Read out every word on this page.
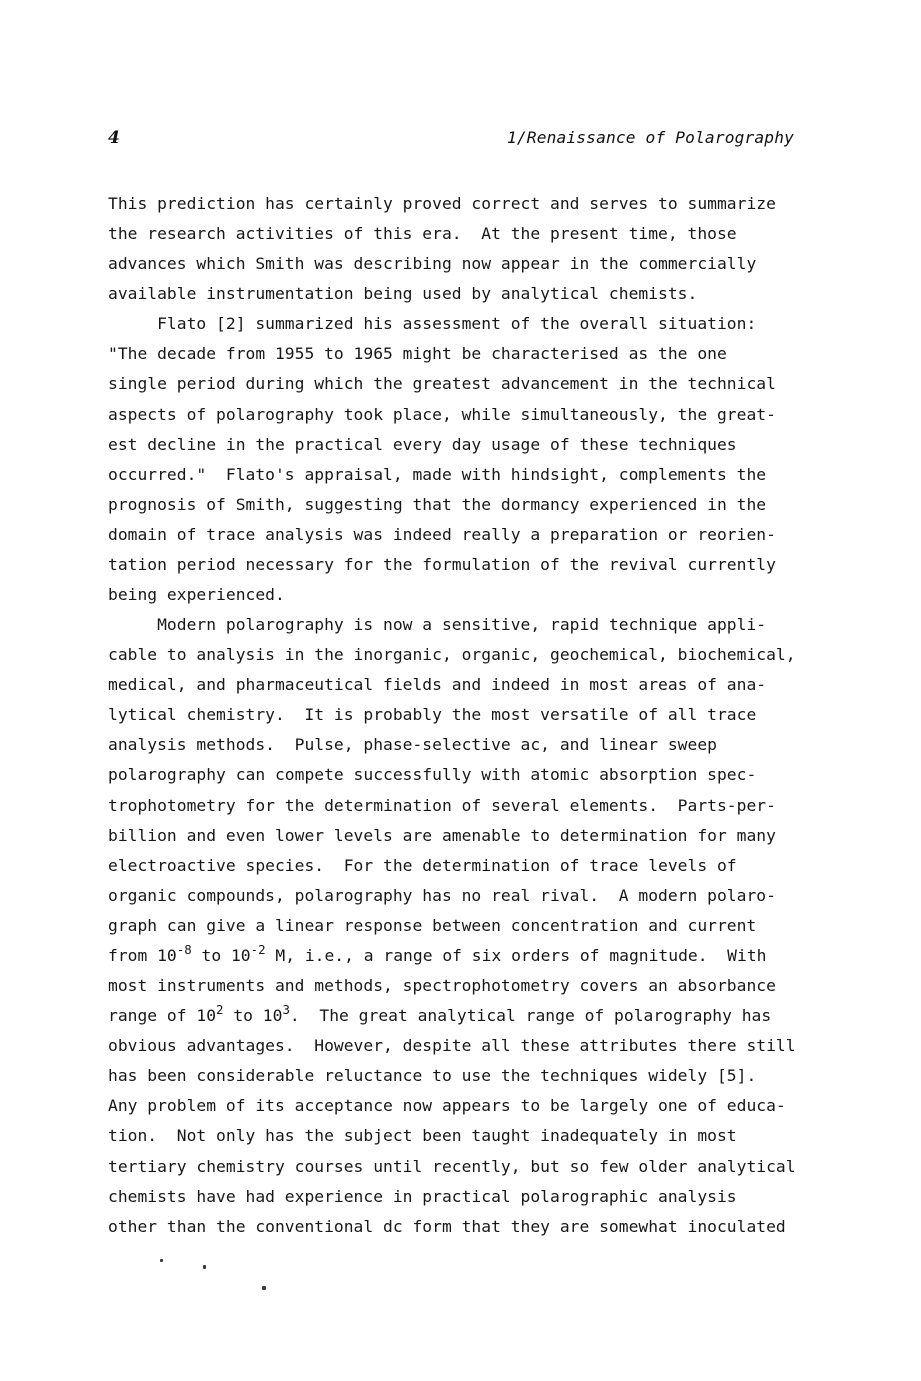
4	1/Renaissance of Polarography
This prediction has certainly proved correct and serves to summarize
the research activities of this era.  At the present time, those
advances which Smith was describing now appear in the commercially
available instrumentation being used by analytical chemists.
Flato [2] summarized his assessment of the overall situation:
"The decade from 1955 to 1965 might be characterised as the one
single period during which the greatest advancement in the technical
aspects of polarography took place, while simultaneously, the great-
est decline in the practical every day usage of these techniques
occurred."  Flato's appraisal, made with hindsight, complements the
prognosis of Smith, suggesting that the dormancy experienced in the
domain of trace analysis was indeed really a preparation or reorien-
tation period necessary for the formulation of the revival currently
being experienced.
Modern polarography is now a sensitive, rapid technique appli-
cable to analysis in the inorganic, organic, geochemical, biochemical,
medical, and pharmaceutical fields and indeed in most areas of ana-
lytical chemistry.  It is probably the most versatile of all trace
analysis methods.  Pulse, phase-selective ac, and linear sweep
polarography can compete successfully with atomic absorption spec-
trophotometry for the determination of several elements.  Parts-per-
billion and even lower levels are amenable to determination for many
electroactive species.  For the determination of trace levels of
organic compounds, polarography has no real rival.  A modern polaro-
graph can give a linear response between concentration and current
from 10-8 to 10-2 M, i.e., a range of six orders of magnitude.  With
most instruments and methods, spectrophotometry covers an absorbance
range of 102 to 103.  The great analytical range of polarography has
obvious advantages.  However, despite all these attributes there still
has been considerable reluctance to use the techniques widely [5].
Any problem of its acceptance now appears to be largely one of educa-
tion.  Not only has the subject been taught inadequately in most
tertiary chemistry courses until recently, but so few older analytical
chemists have had experience in practical polarographic analysis
other than the conventional dc form that they are somewhat inoculated
